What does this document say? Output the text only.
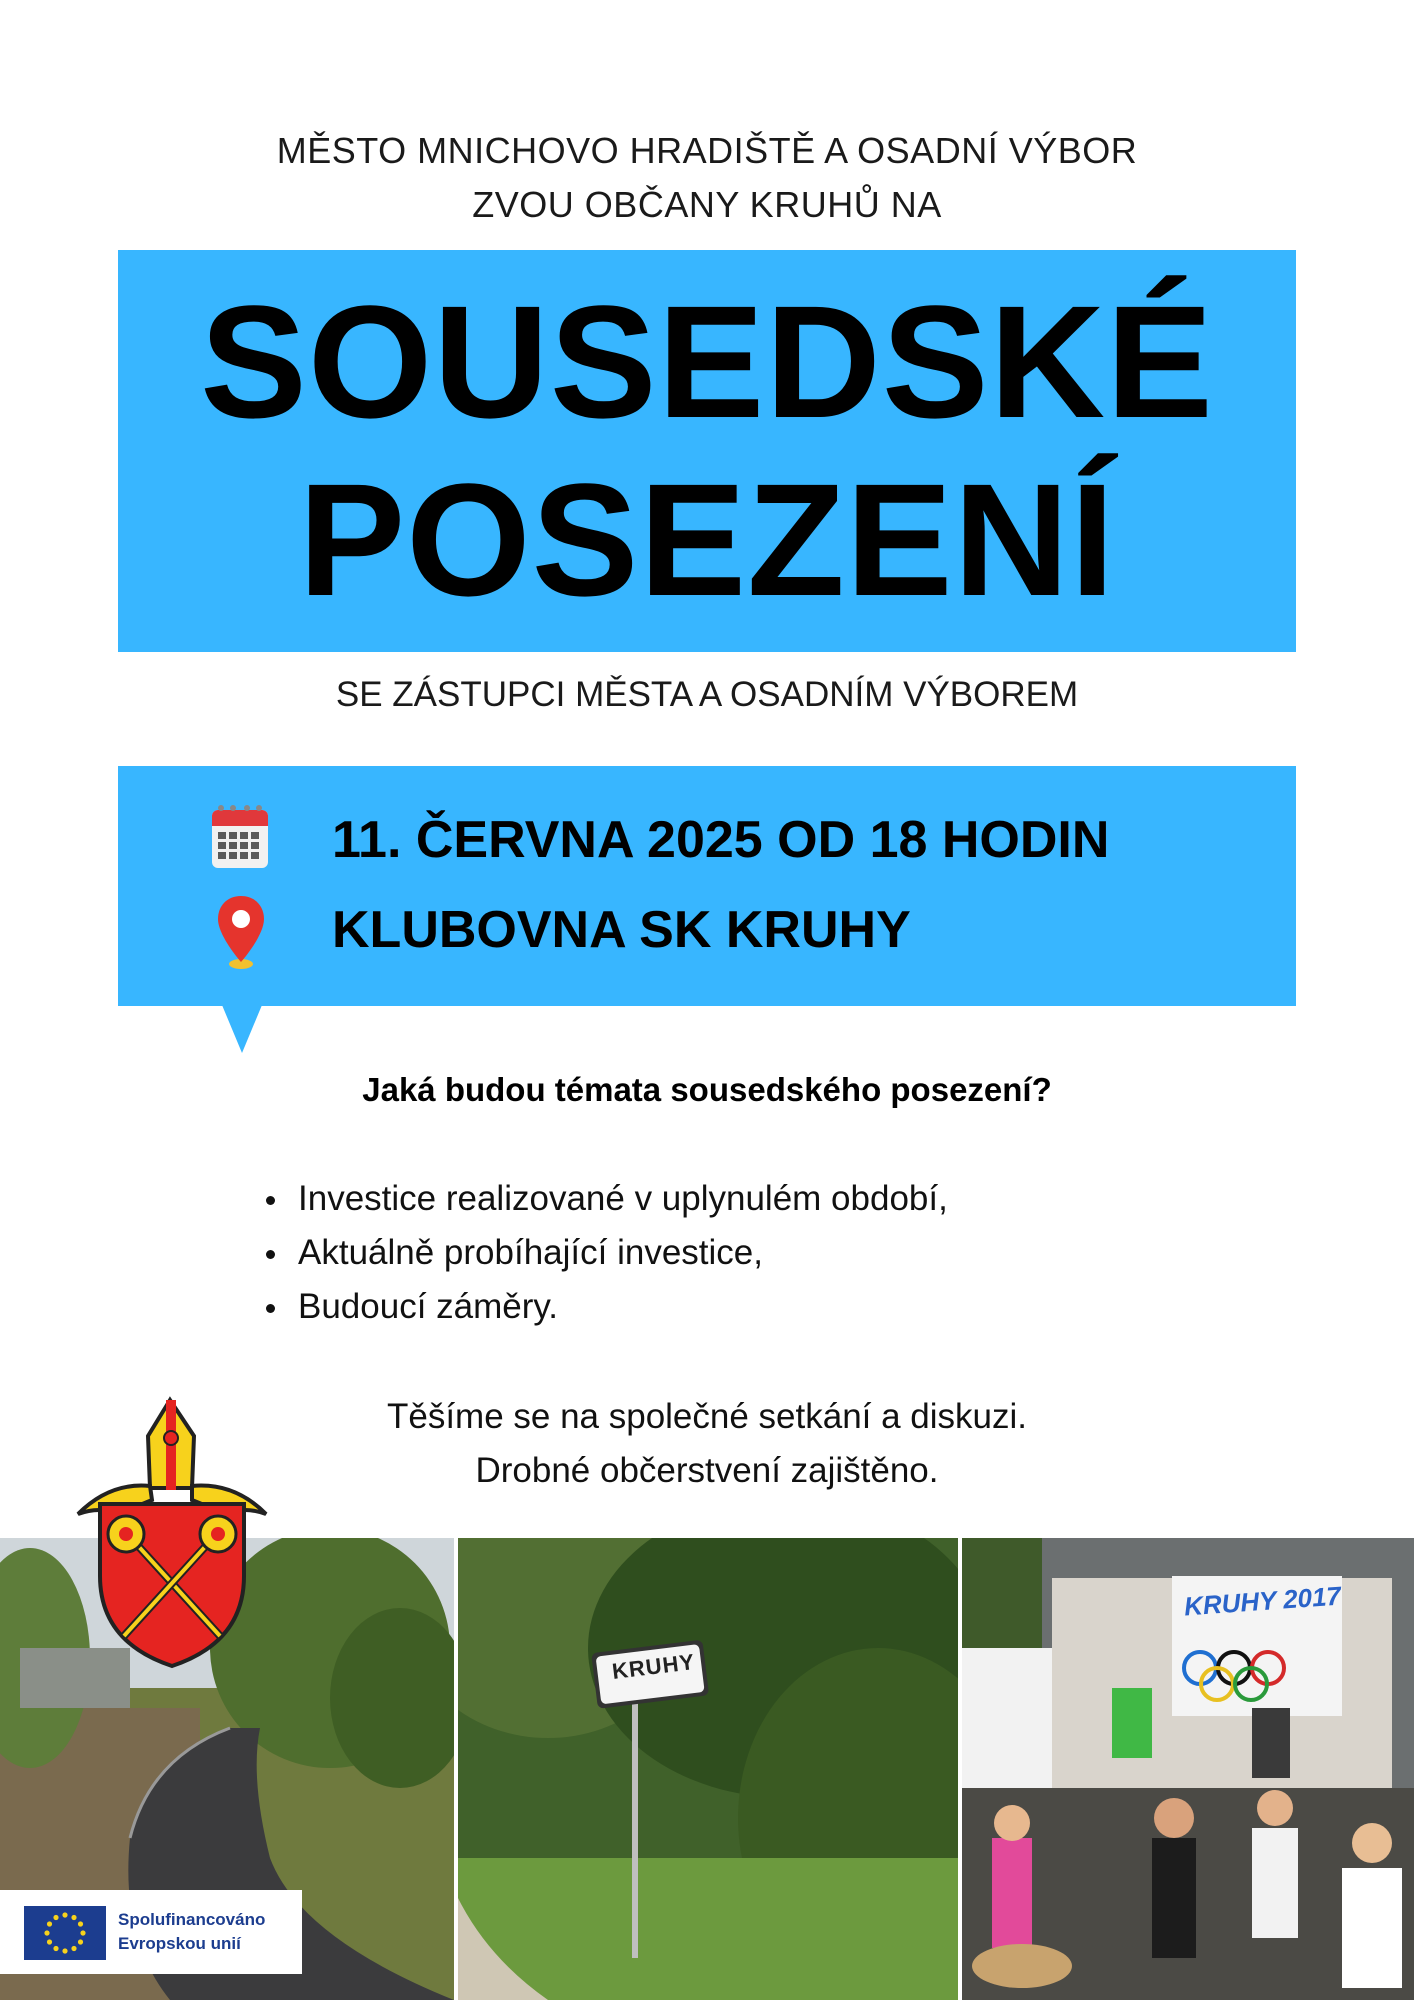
MĚSTO MNICHOVO HRADIŠTĚ A OSADNÍ VÝBOR
ZVOU OBČANY KRUHŮ NA
SOUSEDSKÉ
POSEZENÍ
SE ZÁSTUPCI MĚSTA A OSADNÍM VÝBOREM
11. ČERVNA 2025 OD 18 HODIN
KLUBOVNA SK KRUHY
Jaká budou témata sousedského posezení?
Investice realizované v uplynulém období,
Aktuálně probíhající investice,
Budoucí záměry.
Těšíme se na společné setkání a diskuzi.
Drobné občerstvení zajištěno.
KRUHY
KRUHY 2017
Spolufinancováno
Evropskou unií
